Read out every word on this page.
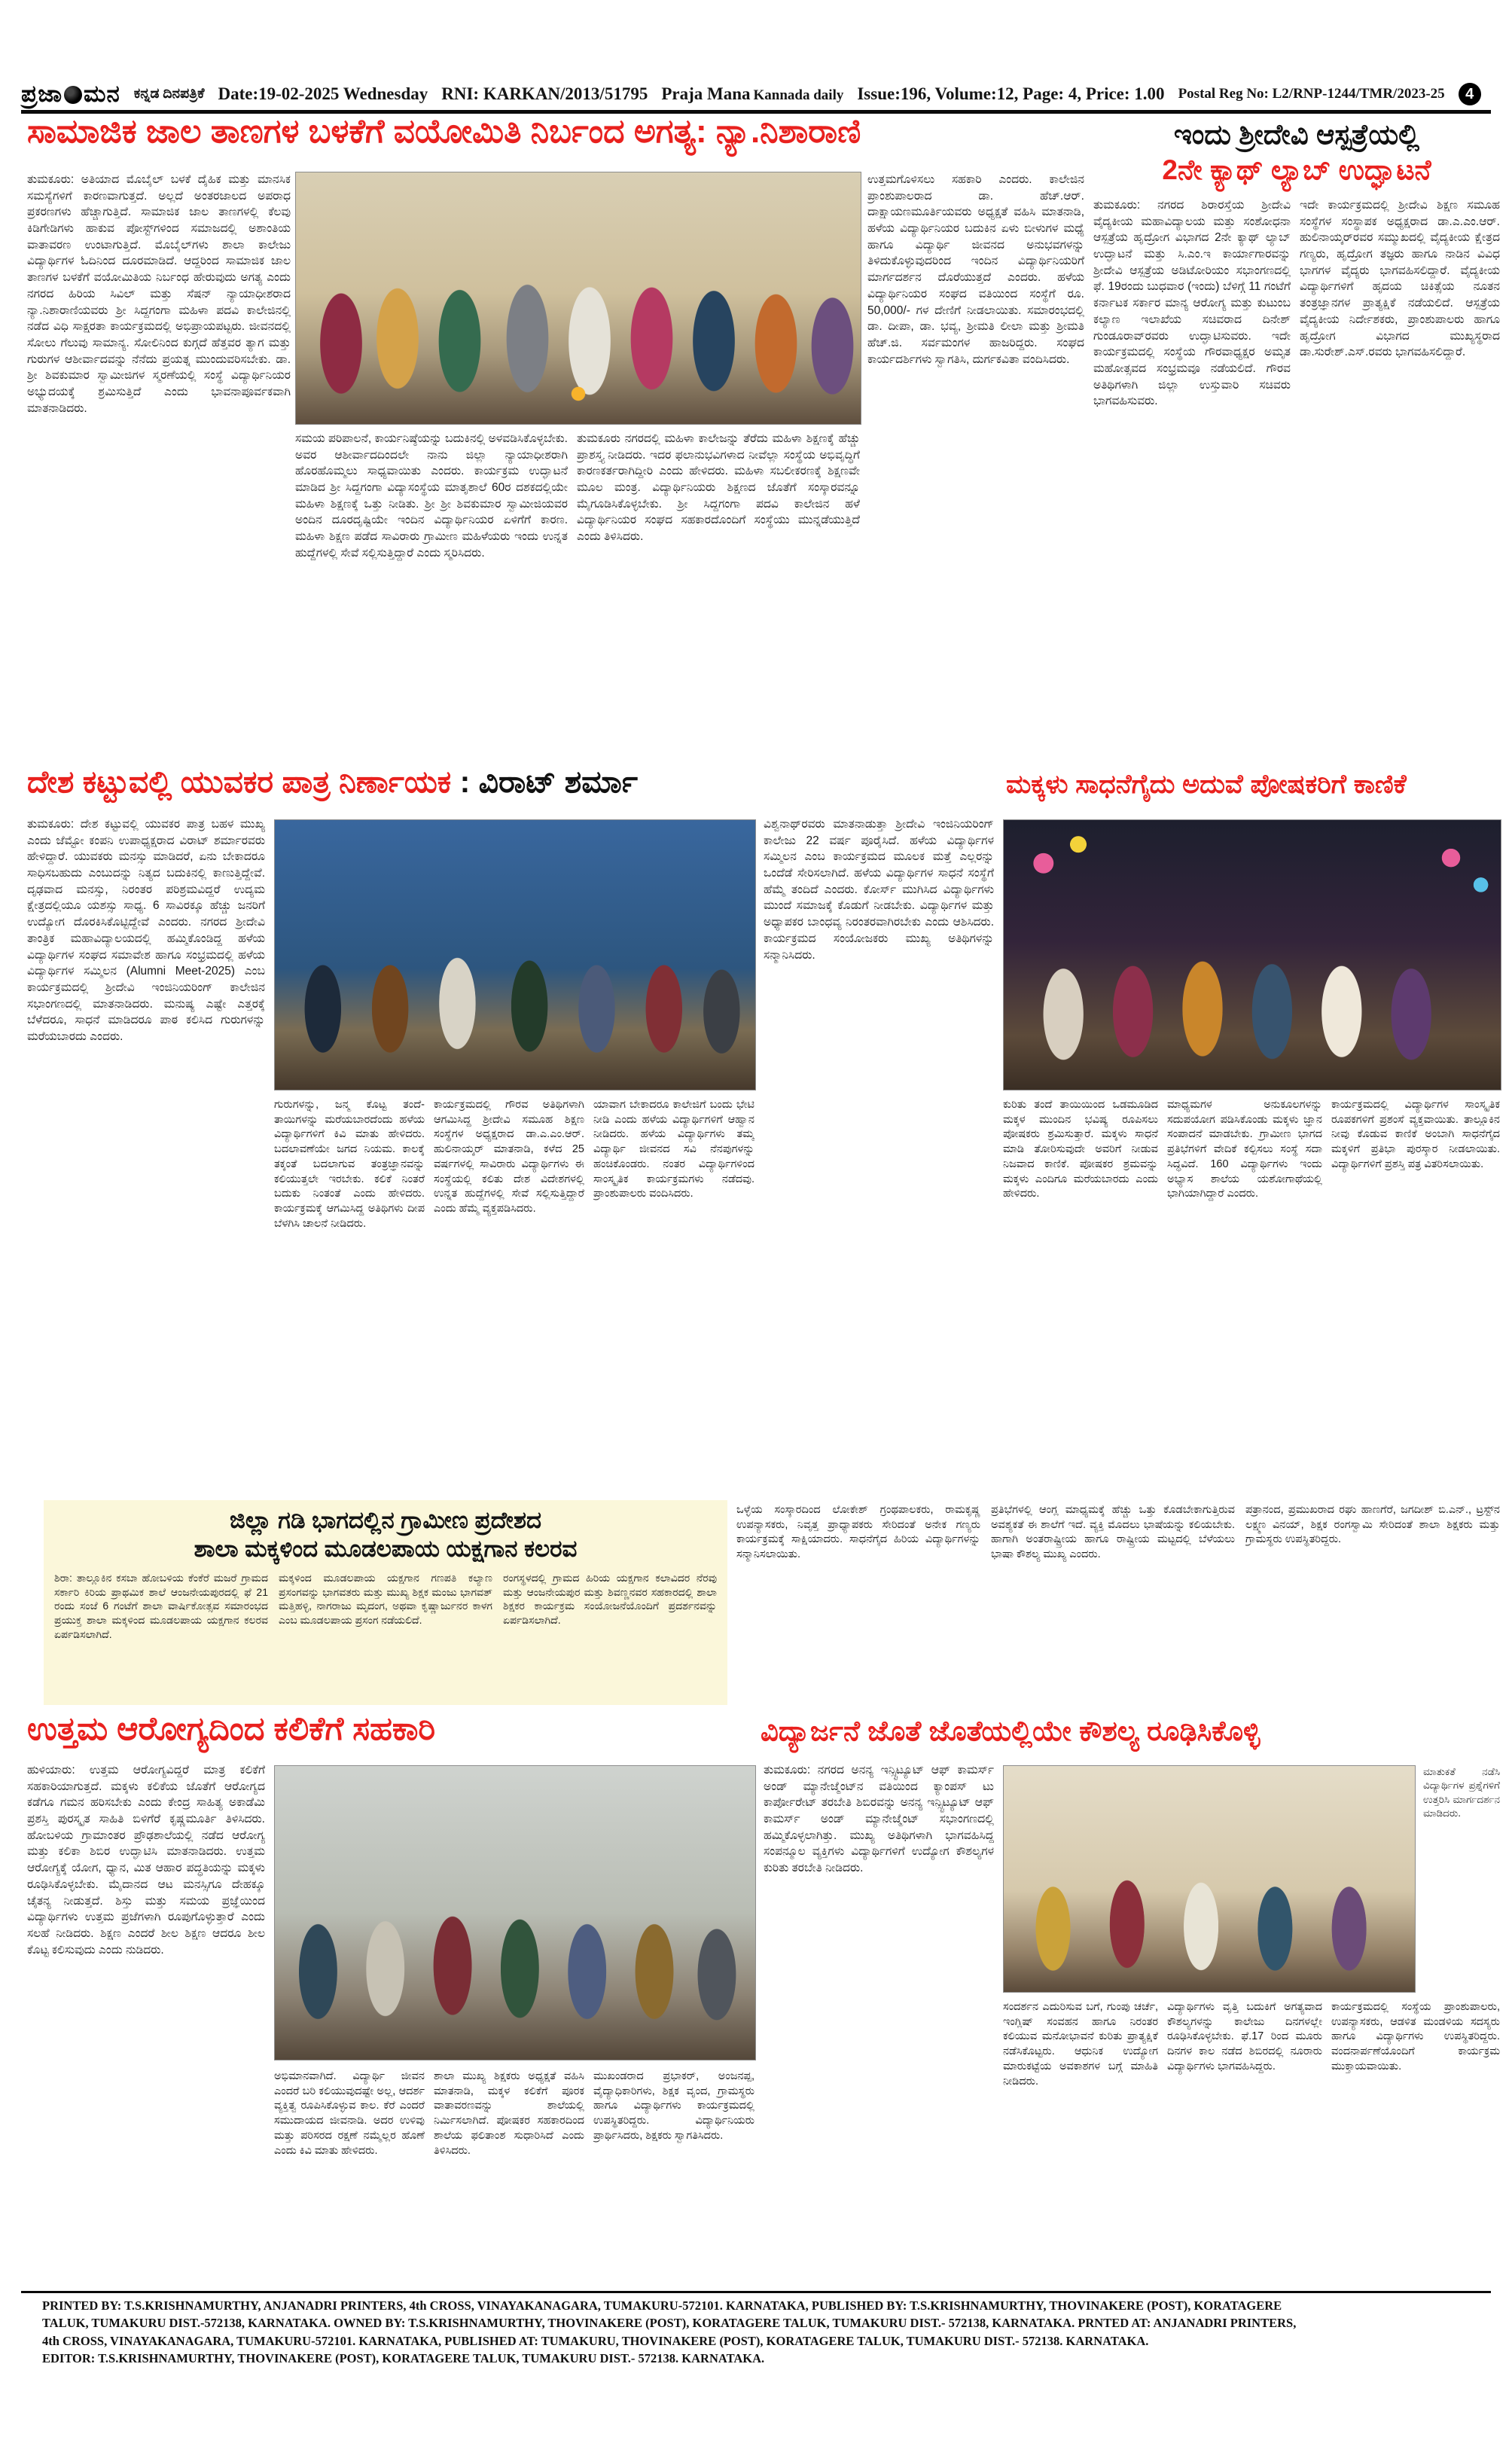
ಪ್ರಜಾ ಮನ ಕನ್ನಡ ದಿನಪತ್ರಿಕೆ Date:19-02-2025 Wednesday RNI: KARKAN/2013/51795 Praja Mana Kannada daily Issue:196, Volume:12, Page: 4, Price: 1.00 Postal Reg No: L2/RNP-1244/TMR/2023-25	4
ಸಾಮಾಜಿಕ ಜಾಲ ತಾಣಗಳ ಬಳಕೆಗೆ ವಯೋಮಿತಿ ನಿರ್ಬಂದ ಅಗತ್ಯ: ನ್ಯಾ.ನಿಶಾರಾಣಿ	ಇಂದು ಶ್ರೀದೇವಿ ಆಸ್ಪತ್ರೆಯಲ್ಲಿ
2ನೇ ಕ್ಯಾಥ್ ಲ್ಯಾಬ್ ಉದ್ಘಾಟನೆ
ತುಮಕೂರು: ಅತಿಯಾದ ಮೊಬೈಲ್ ಬಳಕೆ ದೈಹಿಕ ಮತ್ತು ಮಾನಸಿಕ ಸಮಸ್ಯೆಗಳಿಗೆ ಕಾರಣವಾಗುತ್ತದೆ. ಅಲ್ಲದೆ ಅಂತರಜಾಲದ ಅಪರಾಧ ಪ್ರಕರಣಗಳು ಹೆಚ್ಚಾಗುತ್ತಿದೆ. ಸಾಮಾಜಿಕ ಜಾಲ ತಾಣಗಳಲ್ಲಿ ಕೆಲವು ಕಿಡಿಗೇಡಿಗಳು ಹಾಕುವ ಪೋಸ್ಟ್‌ಗಳಿಂದ ಸಮಾಜದಲ್ಲಿ ಅಶಾಂತಿಯ ವಾತಾವರಣ ಉಂಟಾಗುತ್ತಿದೆ. ಮೊಬೈಲ್‌ಗಳು ಶಾಲಾ ಕಾಲೇಜು ವಿದ್ಯಾರ್ಥಿಗಳ ಓದಿನಿಂದ ದೂರಮಾಡಿದೆ. ಆದ್ದರಿಂದ ಸಾಮಾಜಿಕ ಜಾಲ ತಾಣಗಳ ಬಳಕೆಗೆ ವಯೋಮಿತಿಯ ನಿರ್ಬಂಧ ಹೇರುವುದು ಅಗತ್ಯ ಎಂದು ನಗರದ ಹಿರಿಯ ಸಿವಿಲ್ ಮತ್ತು ಸೆಷನ್ ನ್ಯಾಯಾಧೀಶರಾದ ನ್ಯಾ.ನಿಶಾರಾಣಿಯವರು ಶ್ರೀ ಸಿದ್ದಗಂಗಾ ಮಹಿಳಾ ಪದವಿ ಕಾಲೇಜಿನಲ್ಲಿ ನಡೆದ ವಿಧಿ ಸಾಕ್ಷರತಾ ಕಾರ್ಯಕ್ರಮದಲ್ಲಿ ಅಭಿಪ್ರಾಯಪಟ್ಟರು. ಜೀವನದಲ್ಲಿ ಸೋಲು ಗೆಲುವು ಸಾಮಾನ್ಯ. ಸೋಲಿನಿಂದ ಕುಗ್ಗದೆ ಹೆತ್ತವರ ತ್ಯಾಗ ಮತ್ತು ಗುರುಗಳ ಆಶೀರ್ವಾದವನ್ನು ನೆನೆದು ಪ್ರಯತ್ನ ಮುಂದುವರಿಸಬೇಕು. ಡಾ. ಶ್ರೀ ಶಿವಕುಮಾರ ಸ್ವಾಮೀಜಿಗಳ ಸ್ಮರಣೆಯಲ್ಲಿ ಸಂಸ್ಥೆ ವಿದ್ಯಾರ್ಥಿನಿಯರ ಅಭ್ಯುದಯಕ್ಕೆ ಶ್ರಮಿಸುತ್ತಿದೆ ಎಂದು ಭಾವನಾಪೂರ್ವಕವಾಗಿ ಮಾತನಾಡಿದರು.
ಸಮಯ ಪರಿಪಾಲನೆ, ಕಾರ್ಯನಿಷ್ಠೆಯನ್ನು ಬದುಕಿನಲ್ಲಿ ಅಳವಡಿಸಿಕೊಳ್ಳಬೇಕು. ಅವರ ಆಶೀರ್ವಾದದಿಂದಲೇ ನಾನು ಜಿಲ್ಲಾ ನ್ಯಾಯಾಧೀಶರಾಗಿ ಹೊರಹೊಮ್ಮಲು ಸಾಧ್ಯವಾಯಿತು ಎಂದರು. ಕಾರ್ಯಕ್ರಮ ಉದ್ಘಾಟನೆ ಮಾಡಿದ ಶ್ರೀ ಸಿದ್ದಗಂಗಾ ವಿದ್ಯಾಸಂಸ್ಥೆಯ ಮಾತೃಶಾಲೆ 60ರ ದಶಕದಲ್ಲಿಯೇ ಮಹಿಳಾ ಶಿಕ್ಷಣಕ್ಕೆ ಒತ್ತು ನೀಡಿತು. ಶ್ರೀ ಶ್ರೀ ಶಿವಕುಮಾರ ಸ್ವಾಮೀಜಿಯವರ ಅಂದಿನ ದೂರದೃಷ್ಟಿಯೇ ಇಂದಿನ ವಿದ್ಯಾರ್ಥಿನಿಯರ ಏಳಿಗೆಗೆ ಕಾರಣ. ಮಹಿಳಾ ಶಿಕ್ಷಣ ಪಡೆದ ಸಾವಿರಾರು ಗ್ರಾಮೀಣ ಮಹಿಳೆಯರು ಇಂದು ಉನ್ನತ ಹುದ್ದೆಗಳಲ್ಲಿ ಸೇವೆ ಸಲ್ಲಿಸುತ್ತಿದ್ದಾರೆ ಎಂದು ಸ್ಮರಿಸಿದರು.
ತುಮಕೂರು ನಗರದಲ್ಲಿ ಮಹಿಳಾ ಕಾಲೇಜನ್ನು ತೆರೆದು ಮಹಿಳಾ ಶಿಕ್ಷಣಕ್ಕೆ ಹೆಚ್ಚು ಪ್ರಾಶಸ್ತ್ಯ ನೀಡಿದರು. ಇದರ ಫಲಾನುಭವಿಗಳಾದ ನೀವೆಲ್ಲಾ ಸಂಸ್ಥೆಯ ಅಭಿವೃದ್ಧಿಗೆ ಕಾರಣಕರ್ತರಾಗಿದ್ದೀರಿ ಎಂದು ಹೇಳಿದರು. ಮಹಿಳಾ ಸಬಲೀಕರಣಕ್ಕೆ ಶಿಕ್ಷಣವೇ ಮೂಲ ಮಂತ್ರ. ವಿದ್ಯಾರ್ಥಿನಿಯರು ಶಿಕ್ಷಣದ ಜೊತೆಗೆ ಸಂಸ್ಕಾರವನ್ನೂ ಮೈಗೂಡಿಸಿಕೊಳ್ಳಬೇಕು. ಶ್ರೀ ಸಿದ್ದಗಂಗಾ ಪದವಿ ಕಾಲೇಜಿನ ಹಳೆ ವಿದ್ಯಾರ್ಥಿನಿಯರ ಸಂಘದ ಸಹಕಾರದೊಂದಿಗೆ ಸಂಸ್ಥೆಯು ಮುನ್ನಡೆಯುತ್ತಿದೆ ಎಂದು ತಿಳಿಸಿದರು.
ಉತ್ತಮಗೊಳಿಸಲು ಸಹಕಾರಿ ಎಂದರು. ಕಾಲೇಜಿನ ಪ್ರಾಂಶುಪಾಲರಾದ ಡಾ. ಹೆಚ್.ಆರ್. ದಾಕ್ಷಾಯಣಮೂರ್ತಿಯವರು ಅಧ್ಯಕ್ಷತೆ ವಹಿಸಿ ಮಾತನಾಡಿ, ಹಳೆಯ ವಿದ್ಯಾರ್ಥಿನಿಯರ ಬದುಕಿನ ಏಳು ಬೀಳುಗಳ ಮಧ್ಯೆ ಹಾಗೂ ವಿದ್ಯಾರ್ಥಿ ಜೀವನದ ಅನುಭವಗಳನ್ನು ತಿಳಿದುಕೊಳ್ಳುವುದರಿಂದ ಇಂದಿನ ವಿದ್ಯಾರ್ಥಿನಿಯರಿಗೆ ಮಾರ್ಗದರ್ಶನ ದೊರೆಯುತ್ತದೆ ಎಂದರು. ಹಳೆಯ ವಿದ್ಯಾರ್ಥಿನಿಯರ ಸಂಘದ ವತಿಯಿಂದ ಸಂಸ್ಥೆಗೆ ರೂ. 50,000/- ಗಳ ದೇಣಿಗೆ ನೀಡಲಾಯಿತು. ಸಮಾರಂಭದಲ್ಲಿ ಡಾ. ದೀಪಾ, ಡಾ. ಭವ್ಯ, ಶ್ರೀಮತಿ ಲೀಲಾ ಮತ್ತು ಶ್ರೀಮತಿ ಹೆಚ್.ಜಿ. ಸರ್ವಮಂಗಳ ಹಾಜರಿದ್ದರು. ಸಂಘದ ಕಾರ್ಯದರ್ಶಿಗಳು ಸ್ವಾಗತಿಸಿ, ದುರ್ಗಕವಿತಾ ವಂದಿಸಿದರು.
ತುಮಕೂರು: ನಗರದ ಶಿರಾರಸ್ತೆಯ ಶ್ರೀದೇವಿ ವೈದ್ಯಕೀಯ ಮಹಾವಿದ್ಯಾಲಯ ಮತ್ತು ಸಂಶೋಧನಾ ಆಸ್ಪತ್ರೆಯ ಹೃದ್ರೋಗ ವಿಭಾಗದ 2ನೇ ಕ್ಯಾಥ್ ಲ್ಯಾಬ್ ಉದ್ಘಾಟನೆ ಮತ್ತು ಸಿ.ಎಂ.ಇ ಕಾರ್ಯಾಗಾರವನ್ನು ಶ್ರೀದೇವಿ ಆಸ್ಪತ್ರೆಯ ಅಡಿಟೋರಿಯಂ ಸಭಾಂಗಣದಲ್ಲಿ ಫೆ. 19ರಂದು ಬುಧವಾರ (ಇಂದು) ಬೆಳಿಗ್ಗೆ 11 ಗಂಟೆಗೆ ಕರ್ನಾಟಕ ಸರ್ಕಾರ ಮಾನ್ಯ ಆರೋಗ್ಯ ಮತ್ತು ಕುಟುಂಬ ಕಲ್ಯಾಣ ಇಲಾಖೆಯ ಸಚಿವರಾದ ದಿನೇಶ್ ಗುಂಡೂರಾವ್‌ರವರು ಉದ್ಘಾಟಿಸುವರು. ಇದೇ ಕಾರ್ಯಕ್ರಮದಲ್ಲಿ ಸಂಸ್ಥೆಯ ಗೌರವಾಧ್ಯಕ್ಷರ ಅಮೃತ ಮಹೋತ್ಸವದ ಸಂಭ್ರಮವೂ ನಡೆಯಲಿದೆ. ಗೌರವ ಅತಿಥಿಗಳಾಗಿ ಜಿಲ್ಲಾ ಉಸ್ತುವಾರಿ ಸಚಿವರು ಭಾಗವಹಿಸುವರು.
ಇದೇ ಕಾರ್ಯಕ್ರಮದಲ್ಲಿ ಶ್ರೀದೇವಿ ಶಿಕ್ಷಣ ಸಮೂಹ ಸಂಸ್ಥೆಗಳ ಸಂಸ್ಥಾಪಕ ಅಧ್ಯಕ್ಷರಾದ ಡಾ.ಎ.ಎಂ.ಆರ್. ಹುಲಿನಾಯ್ಕರ್‌ರವರ ಸಮ್ಮುಖದಲ್ಲಿ ವೈದ್ಯಕೀಯ ಕ್ಷೇತ್ರದ ಗಣ್ಯರು, ಹೃದ್ರೋಗ ತಜ್ಞರು ಹಾಗೂ ನಾಡಿನ ವಿವಿಧ ಭಾಗಗಳ ವೈದ್ಯರು ಭಾಗವಹಿಸಲಿದ್ದಾರೆ. ವೈದ್ಯಕೀಯ ವಿದ್ಯಾರ್ಥಿಗಳಿಗೆ ಹೃದಯ ಚಿಕಿತ್ಸೆಯ ನೂತನ ತಂತ್ರಜ್ಞಾನಗಳ ಪ್ರಾತ್ಯಕ್ಷಿಕೆ ನಡೆಯಲಿದೆ. ಆಸ್ಪತ್ರೆಯ ವೈದ್ಯಕೀಯ ನಿರ್ದೇಶಕರು, ಪ್ರಾಂಶುಪಾಲರು ಹಾಗೂ ಹೃದ್ರೋಗ ವಿಭಾಗದ ಮುಖ್ಯಸ್ಥರಾದ ಡಾ.ಸುರೇಶ್.ಎಸ್.ರವರು ಭಾಗವಹಿಸಲಿದ್ದಾರೆ.
ದೇಶ ಕಟ್ಟುವಲ್ಲಿ ಯುವಕರ ಪಾತ್ರ ನಿರ್ಣಾಯಕ : ವಿರಾಟ್ ಶರ್ಮಾ	ಮಕ್ಕಳು ಸಾಧನೆಗೈದು ಅದುವೆ ಪೋಷಕರಿಗೆ ಕಾಣಿಕೆ
ತುಮಕೂರು: ದೇಶ ಕಟ್ಟುವಲ್ಲಿ ಯುವಕರ ಪಾತ್ರ ಬಹಳ ಮುಖ್ಯ ಎಂದು ಜೆಮ್ಟೋ ಕಂಪನಿ ಉಪಾಧ್ಯಕ್ಷರಾದ ವಿರಾಟ್ ಶರ್ಮಾರವರು ಹೇಳಿದ್ದಾರೆ. ಯುವಕರು ಮನಸ್ಸು ಮಾಡಿದರೆ, ಏನು ಬೇಕಾದರೂ ಸಾಧಿಸಬಹುದು ಎಂಬುದನ್ನು ನಿತ್ಯದ ಬದುಕಿನಲ್ಲಿ ಕಾಣುತ್ತಿದ್ದೇವೆ. ದೃಢವಾದ ಮನಸ್ಸು, ನಿರಂತರ ಪರಿಶ್ರಮವಿದ್ದರೆ ಉದ್ಯಮ ಕ್ಷೇತ್ರದಲ್ಲಿಯೂ ಯಶಸ್ಸು ಸಾಧ್ಯ. 6 ಸಾವಿರಕ್ಕೂ ಹೆಚ್ಚು ಜನರಿಗೆ ಉದ್ಯೋಗ ದೊರಕಿಸಿಕೊಟ್ಟಿದ್ದೇವೆ ಎಂದರು. ನಗರದ ಶ್ರೀದೇವಿ ತಾಂತ್ರಿಕ ಮಹಾವಿದ್ಯಾಲಯದಲ್ಲಿ ಹಮ್ಮಿಕೊಂಡಿದ್ದ ಹಳೆಯ ವಿದ್ಯಾರ್ಥಿಗಳ ಸಂಘದ ಸಮಾವೇಶ ಹಾಗೂ ಸಂಭ್ರಮದಲ್ಲಿ ಹಳೆಯ ವಿದ್ಯಾರ್ಥಿಗಳ ಸಮ್ಮಿಲನ (Alumni Meet-2025) ಎಂಬ ಕಾರ್ಯಕ್ರಮದಲ್ಲಿ ಶ್ರೀದೇವಿ ಇಂಜಿನಿಯರಿಂಗ್ ಕಾಲೇಜಿನ ಸಭಾಂಗಣದಲ್ಲಿ ಮಾತನಾಡಿದರು. ಮನುಷ್ಯ ಎಷ್ಟೇ ಎತ್ತರಕ್ಕೆ ಬೆಳೆದರೂ, ಸಾಧನೆ ಮಾಡಿದರೂ ಪಾಠ ಕಲಿಸಿದ ಗುರುಗಳನ್ನು ಮರೆಯಬಾರದು ಎಂದರು.
ಗುರುಗಳನ್ನು, ಜನ್ಮ ಕೊಟ್ಟ ತಂದೆ-ತಾಯಿಗಳನ್ನು ಮರೆಯಬಾರದೆಂದು ಹಳೆಯ ವಿದ್ಯಾರ್ಥಿಗಳಿಗೆ ಕಿವಿ ಮಾತು ಹೇಳಿದರು. ಬದಲಾವಣೆಯೇ ಜಗದ ನಿಯಮ. ಕಾಲಕ್ಕೆ ತಕ್ಕಂತೆ ಬದಲಾಗುವ ತಂತ್ರಜ್ಞಾನವನ್ನು ಕಲಿಯುತ್ತಲೇ ಇರಬೇಕು. ಕಲಿಕೆ ನಿಂತರೆ ಬದುಕು ನಿಂತಂತೆ ಎಂದು ಹೇಳಿದರು. ಕಾರ್ಯಕ್ರಮಕ್ಕೆ ಆಗಮಿಸಿದ್ದ ಅತಿಥಿಗಳು ದೀಪ ಬೆಳಗಿಸಿ ಚಾಲನೆ ನೀಡಿದರು.
ಕಾರ್ಯಕ್ರಮದಲ್ಲಿ ಗೌರವ ಅತಿಥಿಗಳಾಗಿ ಆಗಮಿಸಿದ್ದ ಶ್ರೀದೇವಿ ಸಮೂಹ ಶಿಕ್ಷಣ ಸಂಸ್ಥೆಗಳ ಅಧ್ಯಕ್ಷರಾದ ಡಾ.ಎ.ಎಂ.ಆರ್. ಹುಲಿನಾಯ್ಕರ್ ಮಾತನಾಡಿ, ಕಳೆದ 25 ವರ್ಷಗಳಲ್ಲಿ ಸಾವಿರಾರು ವಿದ್ಯಾರ್ಥಿಗಳು ಈ ಸಂಸ್ಥೆಯಲ್ಲಿ ಕಲಿತು ದೇಶ ವಿದೇಶಗಳಲ್ಲಿ ಉನ್ನತ ಹುದ್ದೆಗಳಲ್ಲಿ ಸೇವೆ ಸಲ್ಲಿಸುತ್ತಿದ್ದಾರೆ ಎಂದು ಹೆಮ್ಮೆ ವ್ಯಕ್ತಪಡಿಸಿದರು.
ಯಾವಾಗ ಬೇಕಾದರೂ ಕಾಲೇಜಿಗೆ ಬಂದು ಭೇಟಿ ನೀಡಿ ಎಂದು ಹಳೆಯ ವಿದ್ಯಾರ್ಥಿಗಳಿಗೆ ಆಹ್ವಾನ ನೀಡಿದರು. ಹಳೆಯ ವಿದ್ಯಾರ್ಥಿಗಳು ತಮ್ಮ ವಿದ್ಯಾರ್ಥಿ ಜೀವನದ ಸವಿ ನೆನಪುಗಳನ್ನು ಹಂಚಿಕೊಂಡರು. ನಂತರ ವಿದ್ಯಾರ್ಥಿಗಳಿಂದ ಸಾಂಸ್ಕೃತಿಕ ಕಾರ್ಯಕ್ರಮಗಳು ನಡೆದವು. ಪ್ರಾಂಶುಪಾಲರು ವಂದಿಸಿದರು.
ವಿಶ್ವನಾಥ್‌ರವರು ಮಾತನಾಡುತ್ತಾ ಶ್ರೀದೇವಿ ಇಂಜಿನಿಯರಿಂಗ್ ಕಾಲೇಜು 22 ವರ್ಷ ಪೂರೈಸಿದೆ. ಹಳೆಯ ವಿದ್ಯಾರ್ಥಿಗಳ ಸಮ್ಮಿಲನ ಎಂಬ ಕಾರ್ಯಕ್ರಮದ ಮೂಲಕ ಮತ್ತೆ ಎಲ್ಲರನ್ನು ಒಂದೆಡೆ ಸೇರಿಸಲಾಗಿದೆ. ಹಳೆಯ ವಿದ್ಯಾರ್ಥಿಗಳ ಸಾಧನೆ ಸಂಸ್ಥೆಗೆ ಹೆಮ್ಮೆ ತಂದಿದೆ ಎಂದರು. ಕೋರ್ಸ್ ಮುಗಿಸಿದ ವಿದ್ಯಾರ್ಥಿಗಳು ಮುಂದೆ ಸಮಾಜಕ್ಕೆ ಕೊಡುಗೆ ನೀಡಬೇಕು. ವಿದ್ಯಾರ್ಥಿಗಳ ಮತ್ತು ಅಧ್ಯಾಪಕರ ಬಾಂಧವ್ಯ ನಿರಂತರವಾಗಿರಬೇಕು ಎಂದು ಆಶಿಸಿದರು. ಕಾರ್ಯಕ್ರಮದ ಸಂಯೋಜಕರು ಮುಖ್ಯ ಅತಿಥಿಗಳನ್ನು ಸನ್ಮಾನಿಸಿದರು.
ಕುರಿತು ತಂದೆ ತಾಯಿಯಿಂದ ಒಡಮೂಡಿದ ಮಕ್ಕಳ ಮುಂದಿನ ಭವಿಷ್ಯ ರೂಪಿಸಲು ಪೋಷಕರು ಶ್ರಮಿಸುತ್ತಾರೆ. ಮಕ್ಕಳು ಸಾಧನೆ ಮಾಡಿ ತೋರಿಸುವುದೇ ಅವರಿಗೆ ನೀಡುವ ನಿಜವಾದ ಕಾಣಿಕೆ. ಪೋಷಕರ ಶ್ರಮವನ್ನು ಮಕ್ಕಳು ಎಂದಿಗೂ ಮರೆಯಬಾರದು ಎಂದು ಹೇಳಿದರು.
ಮಾಧ್ಯಮಗಳ ಅನುಕೂಲಗಳನ್ನು ಸದುಪಯೋಗ ಪಡಿಸಿಕೊಂಡು ಮಕ್ಕಳು ಜ್ಞಾನ ಸಂಪಾದನೆ ಮಾಡಬೇಕು. ಗ್ರಾಮೀಣ ಭಾಗದ ಪ್ರತಿಭೆಗಳಿಗೆ ವೇದಿಕೆ ಕಲ್ಪಿಸಲು ಸಂಸ್ಥೆ ಸದಾ ಸಿದ್ಧವಿದೆ. 160 ವಿದ್ಯಾರ್ಥಿಗಳು ಇಂದು ಅಭ್ಯಾಸ ಶಾಲೆಯ ಯಶೋಗಾಥೆಯಲ್ಲಿ ಭಾಗಿಯಾಗಿದ್ದಾರೆ ಎಂದರು.
ಕಾರ್ಯಕ್ರಮದಲ್ಲಿ ವಿದ್ಯಾರ್ಥಿಗಳ ಸಾಂಸ್ಕೃತಿಕ ರೂಪಕಗಳಿಗೆ ಪ್ರಶಂಸೆ ವ್ಯಕ್ತವಾಯಿತು. ತಾಲ್ಲೂಕಿನ ನೀವು ಕೊಡುವ ಕಾಣಿಕೆ ಅಂಬಾಗಿ ಸಾಧನೆಗೈದ ಮಕ್ಕಳಿಗೆ ಪ್ರತಿಭಾ ಪುರಸ್ಕಾರ ನೀಡಲಾಯಿತು. ವಿದ್ಯಾರ್ಥಿಗಳಿಗೆ ಪ್ರಶಸ್ತಿ ಪತ್ರ ವಿತರಿಸಲಾಯಿತು.
ಜಿಲ್ಲಾ ಗಡಿ ಭಾಗದಲ್ಲಿನ ಗ್ರಾಮೀಣ ಪ್ರದೇಶದ
ಶಾಲಾ ಮಕ್ಕಳಿಂದ ಮೂಡಲಪಾಯ ಯಕ್ಷಗಾನ ಕಲರವ
ಶಿರಾ: ತಾಲ್ಲೂಕಿನ ಕಸಬಾ ಹೋಬಳಿಯ ಕೆಂಕೆರೆ ಮಜರೆ ಗ್ರಾಮದ ಸರ್ಕಾರಿ ಕಿರಿಯ ಪ್ರಾಥಮಿಕ ಶಾಲೆ ಆಂಜನೇಯಪುರದಲ್ಲಿ ಫೆ 21 ರಂದು ಸಂಜೆ 6 ಗಂಟೆಗೆ ಶಾಲಾ ವಾರ್ಷಿಕೋತ್ಸವ ಸಮಾರಂಭದ ಪ್ರಯುಕ್ತ ಶಾಲಾ ಮಕ್ಕಳಿಂದ ಮೂಡಲಪಾಯ ಯಕ್ಷಗಾನ ಕಲರವ ಏರ್ಪಡಿಸಲಾಗಿದೆ.
ಮಕ್ಕಳಿಂದ ಮೂಡಲಪಾಯ ಯಕ್ಷಗಾನ ಗಣಪತಿ ಕಲ್ಯಾಣ ಪ್ರಸಂಗವನ್ನು ಭಾಗವತರು ಮತ್ತು ಮುಖ್ಯ ಶಿಕ್ಷಕ ಮಂಜು ಭಾಗವತ್ ಮತ್ತಿಹಳ್ಳಿ, ನಾಗರಾಜು ಮೃದಂಗ, ಅಥವಾ ಕೃಷ್ಣಾರ್ಜುನರ ಕಾಳಗ ಎಂಬ ಮೂಡಲಪಾಯ ಪ್ರಸಂಗ ನಡೆಯಲಿದೆ.
ರಂಗಸ್ಥಳದಲ್ಲಿ ಗ್ರಾಮದ ಹಿರಿಯ ಯಕ್ಷಗಾನ ಕಲಾವಿದರ ನೆರವು ಮತ್ತು ಆಂಜನೇಯಪುರ ಮತ್ತು ಶಿವಣ್ಣನವರ ಸಹಕಾರದಲ್ಲಿ ಶಾಲಾ ಶಿಕ್ಷಕರ ಕಾರ್ಯಕ್ರಮ ಸಂಯೋಜನೆಯೊಂದಿಗೆ ಪ್ರದರ್ಶನವನ್ನು ಏರ್ಪಡಿಸಲಾಗಿದೆ.
ಒಳ್ಳೆಯ ಸಂಸ್ಕಾರದಿಂದ ಲೋಕೇಶ್ ಗ್ರಂಥಪಾಲಕರು, ರಾಮಕೃಷ್ಣ ಉಪನ್ಯಾಸಕರು, ನಿವೃತ್ತ ಪ್ರಾಧ್ಯಾಪಕರು ಸೇರಿದಂತೆ ಅನೇಕ ಗಣ್ಯರು ಕಾರ್ಯಕ್ರಮಕ್ಕೆ ಸಾಕ್ಷಿಯಾದರು. ಸಾಧನೆಗೈದ ಹಿರಿಯ ವಿದ್ಯಾರ್ಥಿಗಳನ್ನು ಸನ್ಮಾನಿಸಲಾಯಿತು.
ಪ್ರತಿಭೆಗಳಲ್ಲಿ ಆಂಗ್ಲ ಮಾಧ್ಯಮಕ್ಕೆ ಹೆಚ್ಚು ಒತ್ತು ಕೊಡಬೇಕಾಗುತ್ತಿರುವ ಅವಶ್ಯಕತೆ ಈ ಶಾಲೆಗೆ ಇದೆ. ವ್ಯಕ್ತಿ ಮೊದಲು ಭಾಷೆಯನ್ನು ಕಲಿಯಬೇಕು. ಹಾಗಾಗಿ ಅಂತರಾಷ್ಟ್ರೀಯ ಹಾಗೂ ರಾಷ್ಟ್ರೀಯ ಮಟ್ಟದಲ್ಲಿ ಬೆಳೆಯಲು ಭಾಷಾ ಕೌಶಲ್ಯ ಮುಖ್ಯ ಎಂದರು.
ಪತ್ರಾನಂದ, ಪ್ರಮುಖರಾದ ರಘು ಹಾಣಗೆರೆ, ಜಗದೀಶ್ ಬಿ.ಎನ್., ಟ್ರಸ್ಟ್‌ನ ಲಕ್ಷ್ಮಣ ವಿನಯ್, ಶಿಕ್ಷಕ ರಂಗಸ್ವಾಮಿ ಸೇರಿದಂತೆ ಶಾಲಾ ಶಿಕ್ಷಕರು ಮತ್ತು ಗ್ರಾಮಸ್ಥರು ಉಪಸ್ಥಿತರಿದ್ದರು.
ಉತ್ತಮ ಆರೋಗ್ಯದಿಂದ ಕಲಿಕೆಗೆ ಸಹಕಾರಿ	ವಿದ್ಯಾರ್ಜನೆ ಜೊತೆ ಜೊತೆಯಲ್ಲಿಯೇ ಕೌಶಲ್ಯ ರೂಢಿಸಿಕೊಳ್ಳಿ
ಹುಳಿಯಾರು: ಉತ್ತಮ ಆರೋಗ್ಯವಿದ್ದರೆ ಮಾತ್ರ ಕಲಿಕೆಗೆ ಸಹಕಾರಿಯಾಗುತ್ತದೆ. ಮಕ್ಕಳು ಕಲಿಕೆಯ ಜೊತೆಗೆ ಆರೋಗ್ಯದ ಕಡೆಗೂ ಗಮನ ಹರಿಸಬೇಕು ಎಂದು ಕೇಂದ್ರ ಸಾಹಿತ್ಯ ಅಕಾಡೆಮಿ ಪ್ರಶಸ್ತಿ ಪುರಸ್ಕೃತ ಸಾಹಿತಿ ಬಿಳಿಗೆರೆ ಕೃಷ್ಣಮೂರ್ತಿ ತಿಳಿಸಿದರು. ಹೋಬಳಿಯ ಗ್ರಾಮಾಂತರ ಪ್ರೌಢಶಾಲೆಯಲ್ಲಿ ನಡೆದ ಆರೋಗ್ಯ ಮತ್ತು ಕಲಿಕಾ ಶಿಬಿರ ಉದ್ಘಾಟಿಸಿ ಮಾತನಾಡಿದರು. ಉತ್ತಮ ಆರೋಗ್ಯಕ್ಕೆ ಯೋಗ, ಧ್ಯಾನ, ಮಿತ ಆಹಾರ ಪದ್ಧತಿಯನ್ನು ಮಕ್ಕಳು ರೂಢಿಸಿಕೊಳ್ಳಬೇಕು. ಮೈದಾನದ ಆಟ ಮನಸ್ಸಿಗೂ ದೇಹಕ್ಕೂ ಚೈತನ್ಯ ನೀಡುತ್ತದೆ. ಶಿಸ್ತು ಮತ್ತು ಸಮಯ ಪ್ರಜ್ಞೆಯಿಂದ ವಿದ್ಯಾರ್ಥಿಗಳು ಉತ್ತಮ ಪ್ರಜೆಗಳಾಗಿ ರೂಪುಗೊಳ್ಳುತ್ತಾರೆ ಎಂದು ಸಲಹೆ ನೀಡಿದರು. ಶಿಕ್ಷಣ ಎಂದರೆ ಶೀಲ ಶಿಕ್ಷಣ ಆದರೂ ಶೀಲ ಕೊಟ್ಟ ಕಲಿಸುವುದು ಎಂದು ನುಡಿದರು.
ಅಭಿಮಾನವಾಗಿದೆ. ವಿದ್ಯಾರ್ಥಿ ಜೀವನ ಎಂದರೆ ಬರಿ ಕಲಿಯುವುದಷ್ಟೇ ಅಲ್ಲ, ಆದರ್ಶ ವ್ಯಕ್ತಿತ್ವ ರೂಪಿಸಿಕೊಳ್ಳುವ ಕಾಲ. ಕೆರೆ ಎಂದರೆ ಸಮುದಾಯದ ಜೀವನಾಡಿ. ಅದರ ಉಳಿವು ಮತ್ತು ಪರಿಸರದ ರಕ್ಷಣೆ ನಮ್ಮೆಲ್ಲರ ಹೊಣೆ ಎಂದು ಕಿವಿ ಮಾತು ಹೇಳಿದರು.
ಶಾಲಾ ಮುಖ್ಯ ಶಿಕ್ಷಕರು ಅಧ್ಯಕ್ಷತೆ ವಹಿಸಿ ಮಾತನಾಡಿ, ಮಕ್ಕಳ ಕಲಿಕೆಗೆ ಪೂರಕ ವಾತಾವರಣವನ್ನು ಶಾಲೆಯಲ್ಲಿ ನಿರ್ಮಿಸಲಾಗಿದೆ. ಪೋಷಕರ ಸಹಕಾರದಿಂದ ಶಾಲೆಯ ಫಲಿತಾಂಶ ಸುಧಾರಿಸಿದೆ ಎಂದು ತಿಳಿಸಿದರು.
ಮುಖಂಡರಾದ ಪ್ರಭಾಕರ್, ಅಂಜನಪ್ಪ, ವೈದ್ಯಾಧಿಕಾರಿಗಳು, ಶಿಕ್ಷಕ ವೃಂದ, ಗ್ರಾಮಸ್ಥರು ಹಾಗೂ ವಿದ್ಯಾರ್ಥಿಗಳು ಕಾರ್ಯಕ್ರಮದಲ್ಲಿ ಉಪಸ್ಥಿತರಿದ್ದರು. ವಿದ್ಯಾರ್ಥಿನಿಯರು ಪ್ರಾರ್ಥಿಸಿದರು, ಶಿಕ್ಷಕರು ಸ್ವಾಗತಿಸಿದರು.
ತುಮಕೂರು: ನಗರದ ಅನನ್ಯ ಇನ್ಸ್ಟಿಟ್ಯೂಟ್ ಆಫ್ ಕಾಮರ್ಸ್ ಅಂಡ್ ಮ್ಯಾನೇಜ್ಮೆಂಟ್‌ನ ವತಿಯಿಂದ ಕ್ಯಾಂಪಸ್ ಟು ಕಾರ್ಪೋರೇಟ್ ತರಬೇತಿ ಶಿಬಿರವನ್ನು ಅನನ್ಯ ಇನ್ಸ್ಟಿಟ್ಯೂಟ್ ಆಫ್ ಕಾಮರ್ಸ್ ಅಂಡ್ ಮ್ಯಾನೇಜ್ಮೆಂಟ್ ಸಭಾಂಗಣದಲ್ಲಿ ಹಮ್ಮಿಕೊಳ್ಳಲಾಗಿತ್ತು. ಮುಖ್ಯ ಅತಿಥಿಗಳಾಗಿ ಭಾಗವಹಿಸಿದ್ದ ಸಂಪನ್ಮೂಲ ವ್ಯಕ್ತಿಗಳು ವಿದ್ಯಾರ್ಥಿಗಳಿಗೆ ಉದ್ಯೋಗ ಕೌಶಲ್ಯಗಳ ಕುರಿತು ತರಬೇತಿ ನೀಡಿದರು.
ಮಾತುಕತೆ ನಡೆಸಿ ವಿದ್ಯಾರ್ಥಿಗಳ ಪ್ರಶ್ನೆಗಳಿಗೆ ಉತ್ತರಿಸಿ ಮಾರ್ಗದರ್ಶನ ಮಾಡಿದರು.
ಸಂದರ್ಶನ ಎದುರಿಸುವ ಬಗೆ, ಗುಂಪು ಚರ್ಚೆ, ಇಂಗ್ಲಿಷ್ ಸಂವಹನ ಹಾಗೂ ನಿರಂತರ ಕಲಿಯುವ ಮನೋಭಾವನೆ ಕುರಿತು ಪ್ರಾತ್ಯಕ್ಷಿಕೆ ನಡೆಸಿಕೊಟ್ಟರು. ಆಧುನಿಕ ಉದ್ಯೋಗ ಮಾರುಕಟ್ಟೆಯ ಅವಕಾಶಗಳ ಬಗ್ಗೆ ಮಾಹಿತಿ ನೀಡಿದರು.
ವಿದ್ಯಾರ್ಥಿಗಳು ವೃತ್ತಿ ಬದುಕಿಗೆ ಅಗತ್ಯವಾದ ಕೌಶಲ್ಯಗಳನ್ನು ಕಾಲೇಜು ದಿನಗಳಲ್ಲೇ ರೂಢಿಸಿಕೊಳ್ಳಬೇಕು. ಫೆ.17 ರಿಂದ ಮೂರು ದಿನಗಳ ಕಾಲ ನಡೆದ ಶಿಬಿರದಲ್ಲಿ ನೂರಾರು ವಿದ್ಯಾರ್ಥಿಗಳು ಭಾಗವಹಿಸಿದ್ದರು.
ಕಾರ್ಯಕ್ರಮದಲ್ಲಿ ಸಂಸ್ಥೆಯ ಪ್ರಾಂಶುಪಾಲರು, ಉಪನ್ಯಾಸಕರು, ಆಡಳಿತ ಮಂಡಳಿಯ ಸದಸ್ಯರು ಹಾಗೂ ವಿದ್ಯಾರ್ಥಿಗಳು ಉಪಸ್ಥಿತರಿದ್ದರು. ವಂದನಾರ್ಪಣೆಯೊಂದಿಗೆ ಕಾರ್ಯಕ್ರಮ ಮುಕ್ತಾಯವಾಯಿತು.
PRINTED BY: T.S.KRISHNAMURTHY, ANJANADRI PRINTERS, 4th CROSS, VINAYAKANAGARA, TUMAKURU-572101. KARNATAKA, PUBLISHED BY: T.S.KRISHNAMURTHY, THOVINAKERE (POST), KORATAGERE
TALUK, TUMAKURU DIST.-572138, KARNATAKA. OWNED BY: T.S.KRISHNAMURTHY, THOVINAKERE (POST), KORATAGERE TALUK, TUMAKURU DIST.- 572138, KARNATAKA. PRNTED AT: ANJANADRI PRINTERS,
4th CROSS, VINAYAKANAGARA, TUMAKURU-572101. KARNATAKA, PUBLISHED AT: TUMAKURU, THOVINAKERE (POST), KORATAGERE TALUK, TUMAKURU DIST.- 572138. KARNATAKA.
EDITOR: T.S.KRISHNAMURTHY, THOVINAKERE (POST), KORATAGERE TALUK, TUMAKURU DIST.- 572138. KARNATAKA.
